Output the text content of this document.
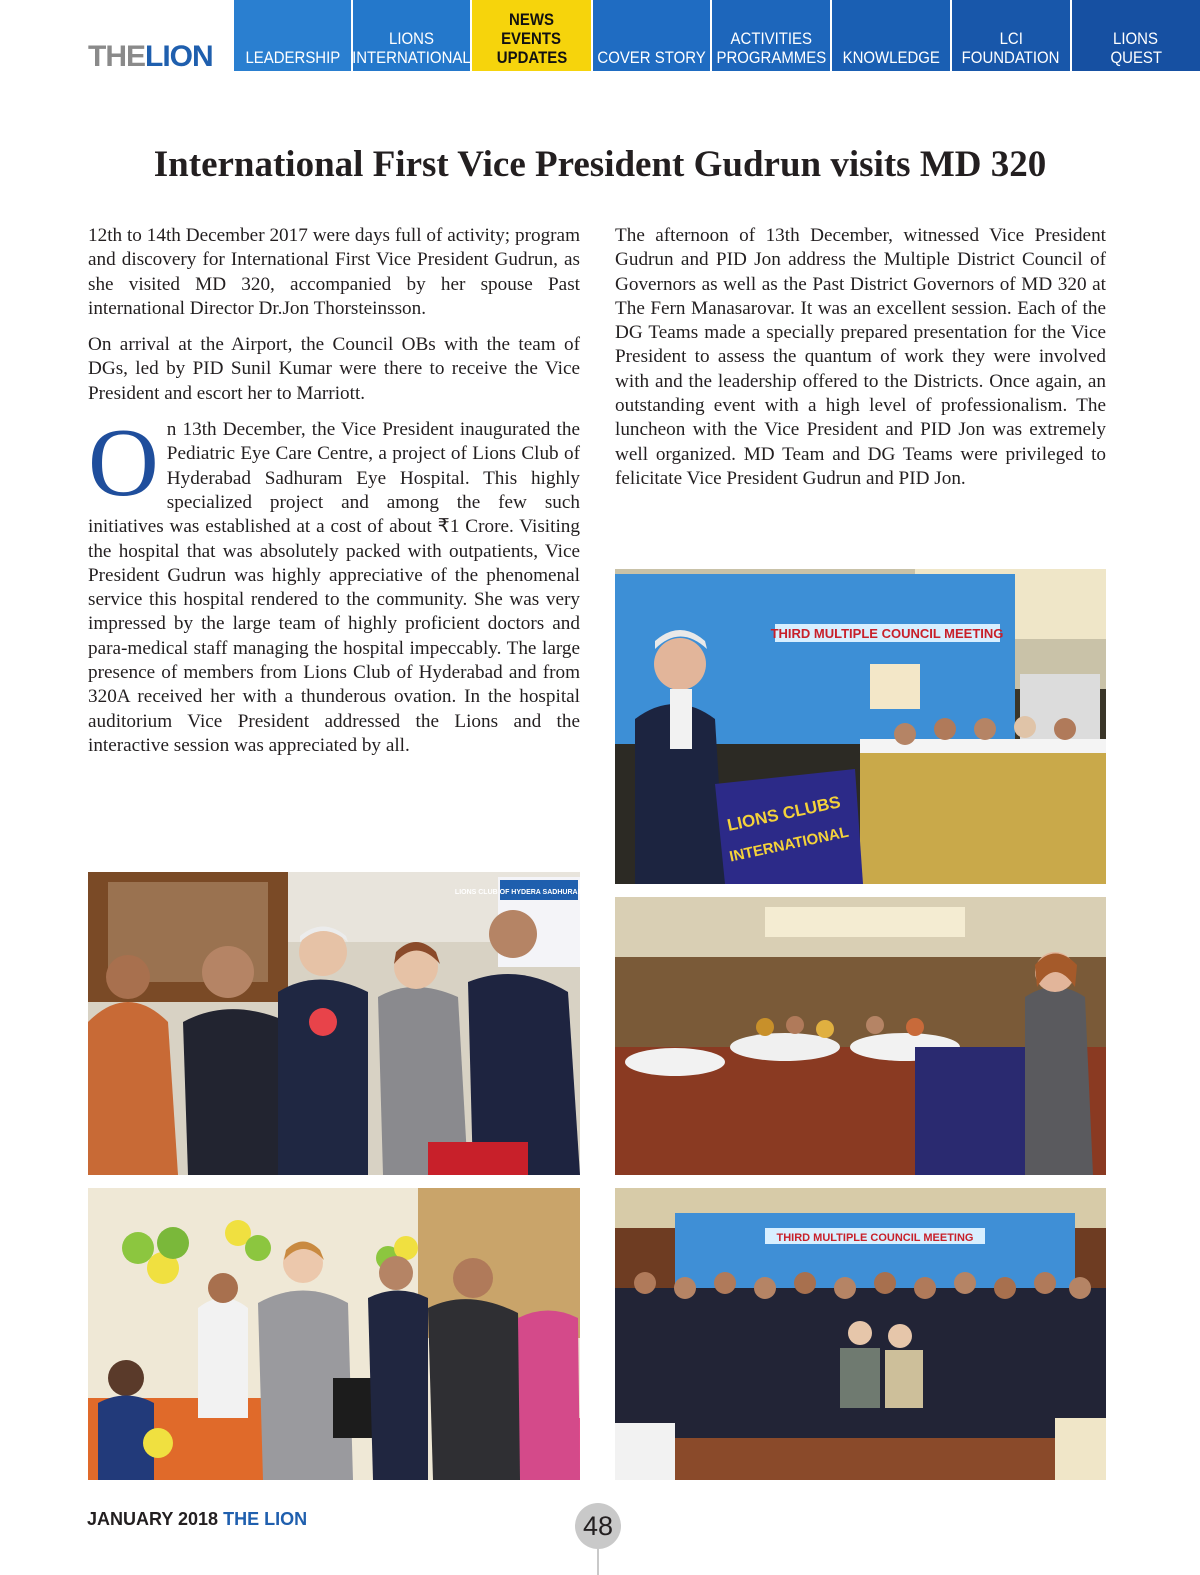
THELION LEADERSHIP
LIONS
INTERNATIONAL
NEWS
EVENTS
UPDATES COVER STORY
ACTIVITIES
PROGRAMMES KNOWLEDGE
LCI
FOUNDATION
LIONS
QUEST
International First Vice President Gudrun visits MD 320

12th to 14th December 2017 were days full of activity; program and discovery for International First Vice President Gudrun, as she visited MD 320, accompanied by her spouse Past international Director Dr.Jon Thorsteinsson.

On arrival at the Airport, the Council OBs with the team of DGs, led by PID Sunil Kumar were there to receive the Vice President and escort her to Marriott.

On 13th December, the Vice President inaugurated the Pediatric Eye Care Centre, a project of Lions Club of Hyderabad Sadhuram Eye Hospital. This highly specialized project and among the few such initiatives was established at a cost of about ₹1 Crore. Visiting the hospital that was absolutely packed with outpatients, Vice President Gudrun was highly appreciative of the phenomenal service this hospital rendered to the community. She was very impressed by the large team of highly proficient doctors and para-medical staff managing the hospital impeccably. The large presence of members from Lions Club of Hyderabad and from 320A received her with a thunderous ovation. In the hospital auditorium Vice President addressed the Lions and the interactive session was appreciated by all.

The afternoon of 13th December, witnessed Vice President Gudrun and PID Jon address the Multiple District Council of Governors as well as the Past District Governors of MD 320 at The Fern Manasarovar. It was an excellent session. Each of the DG Teams made a specially prepared presentation for the Vice President to assess the quantum of work they were involved with and the leadership offered to the Districts. Once again, an outstanding event with a high level of professionalism. The luncheon with the Vice President and PID Jon was extremely well organized. MD Team and DG Teams were privileged to felicitate Vice President Gudrun and PID Jon.

THIRD MULTIPLE COUNCIL MEETING
LIONS CLUBS
INTERNATIONAL
THIRD MULTIPLE COUNCIL MEETING
LIONS CLUB OF HYDERA SADHURAM EYE HOSPI
JANUARY 2018 THE LION	48
